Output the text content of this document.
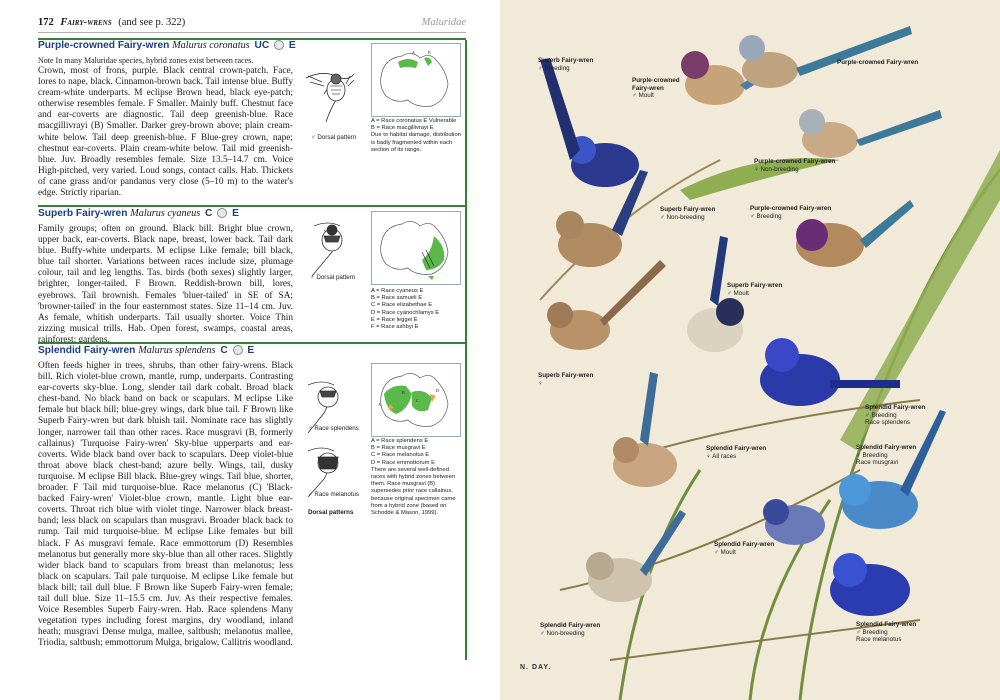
172 Fairy-wrens (and see p. 322)	Maluridae
Purple-crowned Fairy-wren Malurus coronatus UC E
Note In many Maluridae species, hybrid zones exist between races.
Crown, most of frons, purple. Black central crown-patch. Face, lores to nape, black. Cinnamon-brown back. Tail intense blue. Buffy cream-white underparts. M eclipse Brown head, black eye-patch; otherwise resembles female. F Smaller. Mainly buff. Chestnut face and ear-coverts are diagnostic. Tail deep greenish-blue. Race macgillivrayi (B) Smaller. Darker grey-brown above; plain cream-white below. Tail deep greenish-blue. F Blue-grey crown, nape; chestnut ear-coverts. Plain cream-white below. Tail mid greenish-blue. Juv. Broadly resembles female. Size 13.5–14.7 cm. Voice High-pitched, very varied. Loud songs, contact calls. Hab. Thickets of cane grass and/or pandanus very close (5–10 m) to the water's edge. Strictly riparian.
♂ Dorsal pattern
A	B
A = Race coronatus E Vulnerable
B = Race macgillivrayi E
Due to habitat damage, distribution
is badly fragmented within each
section of its range.
Superb Fairy-wren Malurus cyaneus C E
Family groups; often on ground. Black bill. Bright blue crown, upper back, ear-coverts. Black nape, breast, lower back. Tail dark blue. Buffy-white underparts. M eclipse Like female; bill black, blue tail shorter. Variations between races include size, plumage colour, tail and leg lengths. Tas. birds (both sexes) slightly larger, brighter, longer-tailed. F Brown. Reddish-brown bill, lores, eyebrows. Tail brownish. Females 'bluer-tailed' in SE of SA; 'browner-tailed' in the four easternmost states. Size 11–14 cm. Juv. As female, whitish underparts. Tail usually shorter. Voice Thin zizzing musical trills. Hab. Open forest, swamps, coastal areas, rainforest; gardens.
♂ Dorsal pattern
A = Race cyaneus E
B = Race samueli E
C = Race elizabethae E
D = Race cyanochlamys E
E = Race leggei E
F = Race ashbyi E
Splendid Fairy-wren Malurus splendens C E
Often feeds higher in trees, shrubs, than other fairy-wrens. Black bill. Rich violet-blue crown, mantle, rump, underparts. Contrasting ear-coverts sky-blue. Long, slender tail dark cobalt. Broad black chest-band. No black band on back or scapulars. M eclipse Like female but black bill; blue-grey wings, dark blue tail. F Brown like Superb Fairy-wren but dark bluish tail. Nominate race has slightly longer, narrower tail than other races. Race musgravi (B, formerly callainus) 'Turquoise Fairy-wren' Sky-blue upperparts and ear-coverts. Wide black band over back to scapulars. Deep violet-blue throat above black chest-band; azure belly. Wings, tail, dusky turquoise. M eclipse Bill black. Blue-grey wings. Tail blue, shorter, broader. F Tail mid turquoise-blue. Race melanotus (C) 'Black-backed Fairy-wren' Violet-blue crown, mantle. Light blue ear-coverts. Throat rich blue with violet tinge. Narrower black breast-band; less black on scapulars than musgravi. Broader black back to rump. Tail mid turquoise-blue. M eclipse Like females but bill black. F As musgravi female. Race emmottorum (D) Resembles melanotus but generally more sky-blue than all other races. Slightly wider black band to scapulars from breast than melanotus; less black on scapulars. Tail pale turquoise. M eclipse Like female but black bill; tail dull blue. F Brown like Superb Fairy-wren female; tail dull blue. Size 11–15.5 cm. Juv. As their respective females. Voice Resembles Superb Fairy-wren. Hab. Race splendens Many vegetation types including forest margins, dry woodland, inland heath; musgravi Dense mulga, mallee, saltbush; melanotus mallee, Triodia, saltbush; emmottorum Mulga, brigalow, Callitris woodland.
♂ Race splendens
♂ Race melanotus
Dorsal patterns
A
C
B	D
A = Race splendens E
B = Race musgravi E
C = Race melanotus E
D = Race emmottorum E
There are several well-defined
races with hybrid zones between
them. Race musgravi (B)
supersedes prior race callainus,
because original specimen came
from a hybrid zone (based on
Schodde & Mason, 1999).
Superb Fairy-wren
♂ Breeding
Purple-crowned
Fairy-wren
♂ Moult
Purple-crowned Fairy-wren
Purple-crowned Fairy-wren
♀ Non-breeding
Superb Fairy-wren
♂ Non-breeding
Purple-crowned Fairy-wren
♂ Breeding
Superb Fairy-wren
♂ Moult
Superb Fairy-wren
♀
Splendid Fairy-wren
♂ Breeding
Race splendens
Splendid Fairy-wren
♀ All races
Splendid Fairy-wren
♂ Breeding
Race musgravi
Splendid Fairy-wren
♂ Moult
Splendid Fairy-wren
♂ Non-breeding
Splendid Fairy-wren
♂ Breeding
Race melanotus
N. DAY.
